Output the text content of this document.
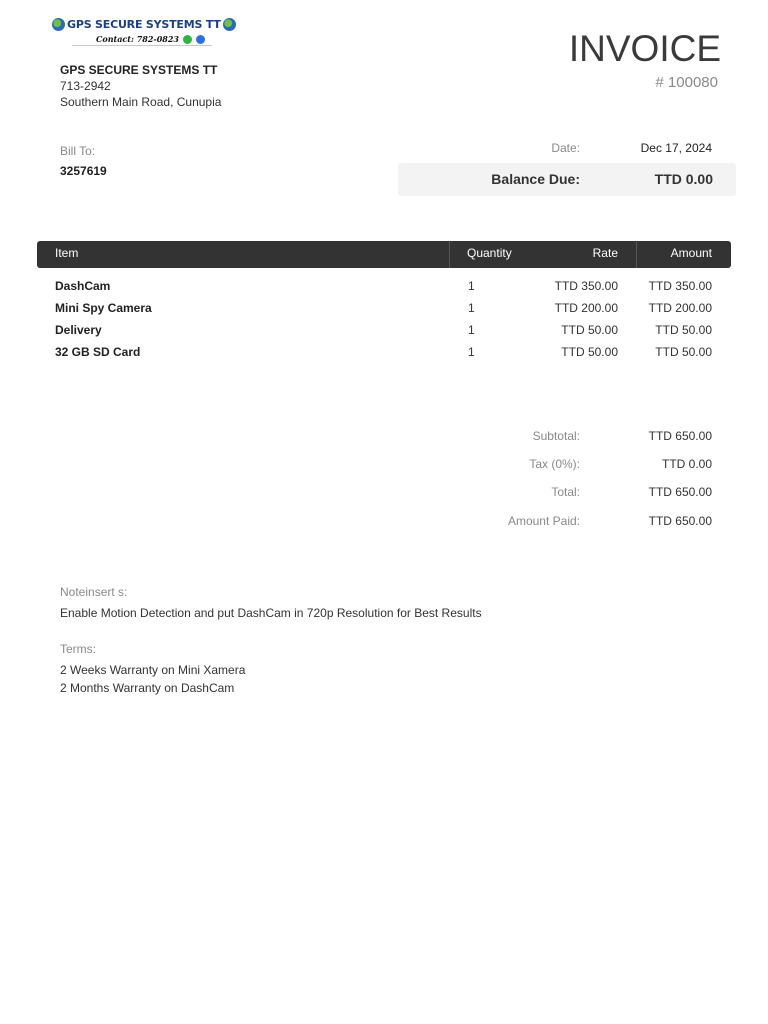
GPS SECURE SYSTEMS TT
Contact: 782-0823
GPS SECURE SYSTEMS TT
713-2942
Southern Main Road, Cunupia
INVOICE
# 100080
Bill To:
3257619
Date:	Dec 17, 2024
Balance Due:	TTD 0.00
Item	Quantity	Rate	Amount
DashCam	1	TTD 350.00	TTD 350.00
Mini Spy Camera	1	TTD 200.00	TTD 200.00
Delivery	1	TTD 50.00	TTD 50.00
32 GB SD Card	1	TTD 50.00	TTD 50.00
Subtotal:	TTD 650.00
Tax (0%):	TTD 0.00
Total:	TTD 650.00
Amount Paid:	TTD 650.00
Noteinsert s:
Enable Motion Detection and put DashCam in 720p Resolution for Best Results
Terms:
2 Weeks Warranty on Mini Xamera
2 Months Warranty on DashCam
